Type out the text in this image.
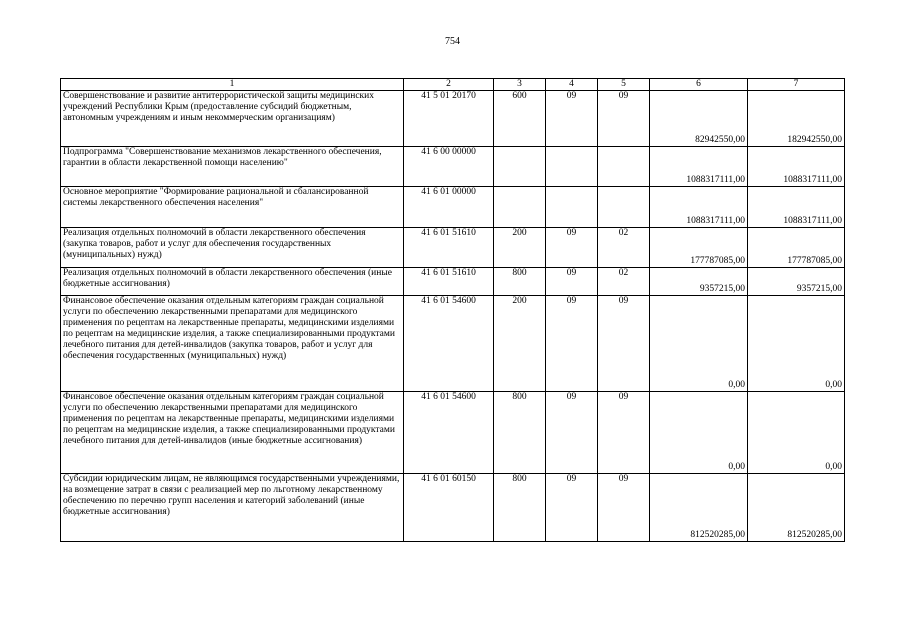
754
1	2	3	4	5	6	7
Совершенствование и развитие антитеррористической защиты медицинских учреждений Республики Крым (предоставление субсидий бюджетным, автономным учреждениям и иным некоммерческим организациям)	41 5 01 20170	600	09	09	82942550,00	182942550,00
Подпрограмма "Совершенствование механизмов лекарственного обеспечения, гарантии в области лекарственной помощи населению"	41 6 00 00000				1088317111,00	1088317111,00
Основное мероприятие "Формирование рациональной и сбалансированной системы лекарственного обеспечения населения"	41 6 01 00000				1088317111,00	1088317111,00
Реализация отдельных полномочий в области лекарственного обеспечения (закупка товаров, работ и услуг для обеспечения государственных (муниципальных) нужд)	41 6 01 51610	200	09	02	177787085,00	177787085,00
Реализация отдельных полномочий в области лекарственного обеспечения (иные бюджетные ассигнования)	41 6 01 51610	800	09	02	9357215,00	9357215,00
Финансовое обеспечение оказания отдельным категориям граждан социальной услуги по обеспечению лекарственными препаратами для медицинского применения по рецептам на лекарственные препараты, медицинскими изделиями по рецептам на медицинские изделия, а также специализированными продуктами лечебного питания для детей-инвалидов (закупка товаров, работ и услуг для обеспечения государственных (муниципальных) нужд)	41 6 01 54600	200	09	09	0,00	0,00
Финансовое обеспечение оказания отдельным категориям граждан социальной услуги по обеспечению лекарственными препаратами для медицинского применения по рецептам на лекарственные препараты, медицинскими изделиями по рецептам на медицинские изделия, а также специализированными продуктами лечебного питания для детей-инвалидов (иные бюджетные ассигнования)	41 6 01 54600	800	09	09	0,00	0,00
Субсидии юридическим лицам, не являющимся государственными учреждениями, на возмещение затрат в связи с реализацией мер по льготному лекарственному обеспечению по перечню групп населения и категорий заболеваний (иные бюджетные ассигнования)	41 6 01 60150	800	09	09	812520285,00	812520285,00
